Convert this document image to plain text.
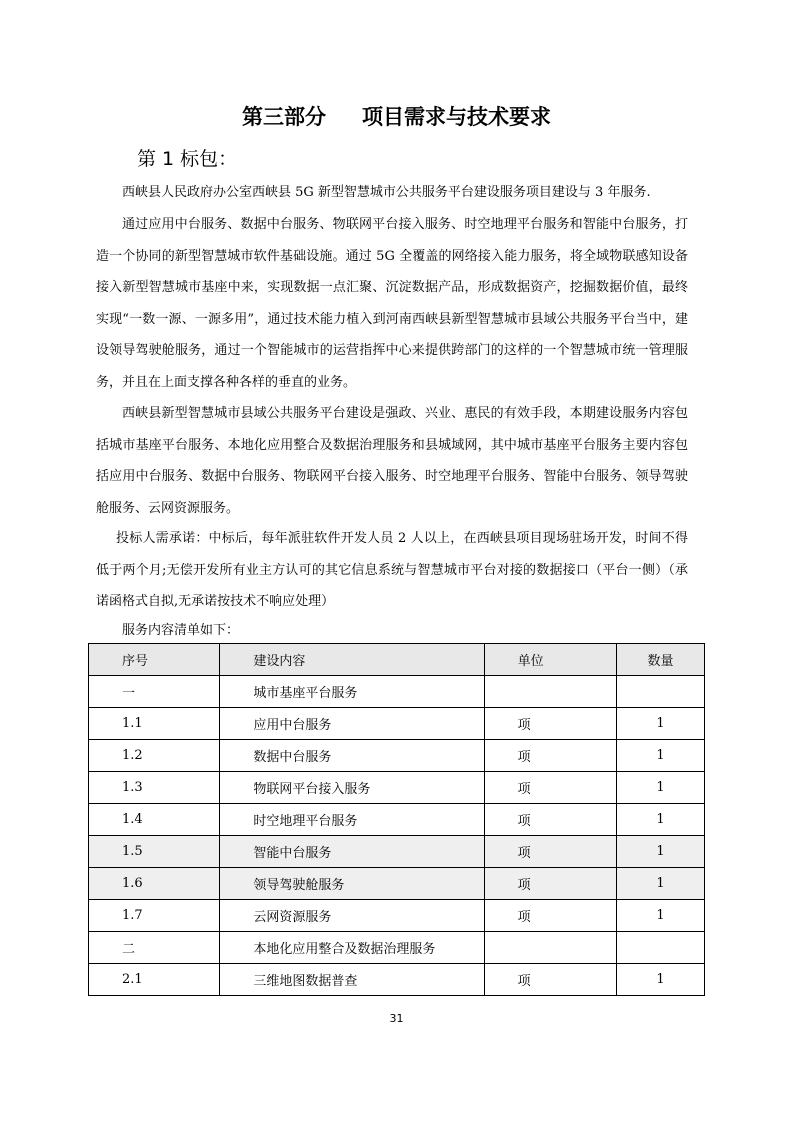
第三部分 项目需求与技术要求
第 1 标包：

西峡县人民政府办公室西峡县 5G 新型智慧城市公共服务平台建设服务项目建设与 3 年服务.

通过应用中台服务、数据中台服务、物联网平台接入服务、时空地理平台服务和智能中台服务，打造一个协同的新型智慧城市软件基础设施。通过 5G 全覆盖的网络接入能力服务，将全域物联感知设备接入新型智慧城市基座中来，实现数据一点汇聚、沉淀数据产品，形成数据资产，挖掘数据价值，最终实现“一数一源、一源多用”，通过技术能力植入到河南西峡县新型智慧城市县域公共服务平台当中，建设领导驾驶舱服务，通过一个智能城市的运营指挥中心来提供跨部门的这样的一个智慧城市统一管理服务，并且在上面支撑各种各样的垂直的业务。

西峡县新型智慧城市县域公共服务平台建设是强政、兴业、惠民的有效手段，本期建设服务内容包括城市基座平台服务、本地化应用整合及数据治理服务和县城域网，其中城市基座平台服务主要内容包括应用中台服务、数据中台服务、物联网平台接入服务、时空地理平台服务、智能中台服务、领导驾驶舱服务、云网资源服务。

投标人需承诺：中标后，每年派驻软件开发人员 2 人以上，在西峡县项目现场驻场开发，时间不得低于两个月;无偿开发所有业主方认可的其它信息系统与智慧城市平台对接的数据接口（平台一侧）（承诺函格式自拟,无承诺按技术不响应处理）

服务内容清单如下：

序号	建设内容	单位	数量
一	城市基座平台服务		
1.1	应用中台服务	项	1
1.2	数据中台服务	项	1
1.3	物联网平台接入服务	项	1
1.4	时空地理平台服务	项	1
1.5	智能中台服务	项	1
1.6	领导驾驶舱服务	项	1
1.7	云网资源服务	项	1
二	本地化应用整合及数据治理服务		
2.1	三维地图数据普查	项	1
31
